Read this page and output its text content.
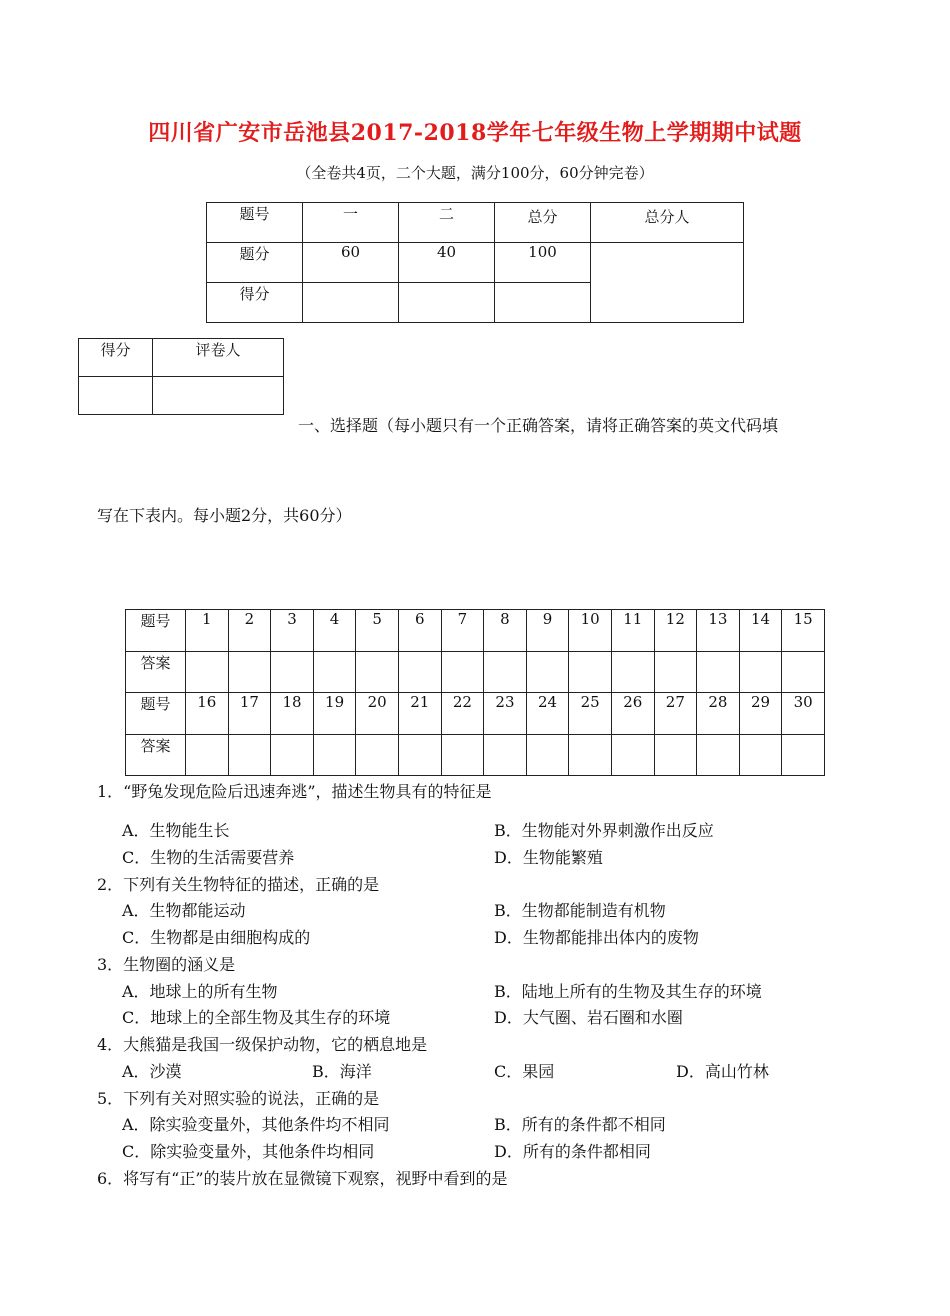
四川省广安市岳池县2017-2018学年七年级生物上学期期中试题
（全卷共4页，二个大题，满分100分，60分钟完卷）
题号	一	二	总分	总分人
题分	60	40	100	
得分				
得分	评卷人

一、选择题（每小题只有一个正确答案，请将正确答案的英文代码填
写在下表内。每小题2分，共60分）
题号	1	2	3	4	5	6	7	8	9	10	11	12	13	14	15
答案															
题号	16	17	18	19	20	21	22	23	24	25	26	27	28	29	30
答案															
1．“野兔发现危险后迅速奔逃”，描述生物具有的特征是
A．生物能生长	B．生物能对外界刺激作出反应
C．生物的生活需要营养	D．生物能繁殖
2．下列有关生物特征的描述，正确的是
A．生物都能运动	B．生物都能制造有机物
C．生物都是由细胞构成的	D．生物都能排出体内的废物
3．生物圈的涵义是
A．地球上的所有生物	B．陆地上所有的生物及其生存的环境
C．地球上的全部生物及其生存的环境	D．大气圈、岩石圈和水圈
4．大熊猫是我国一级保护动物，它的栖息地是
A．沙漠	B．海洋	C．果园	D．高山竹林
5．下列有关对照实验的说法，正确的是
A．除实验变量外，其他条件均不相同	B．所有的条件都不相同
C．除实验变量外，其他条件均相同	D．所有的条件都相同
6．将写有“正”的装片放在显微镜下观察，视野中看到的是
